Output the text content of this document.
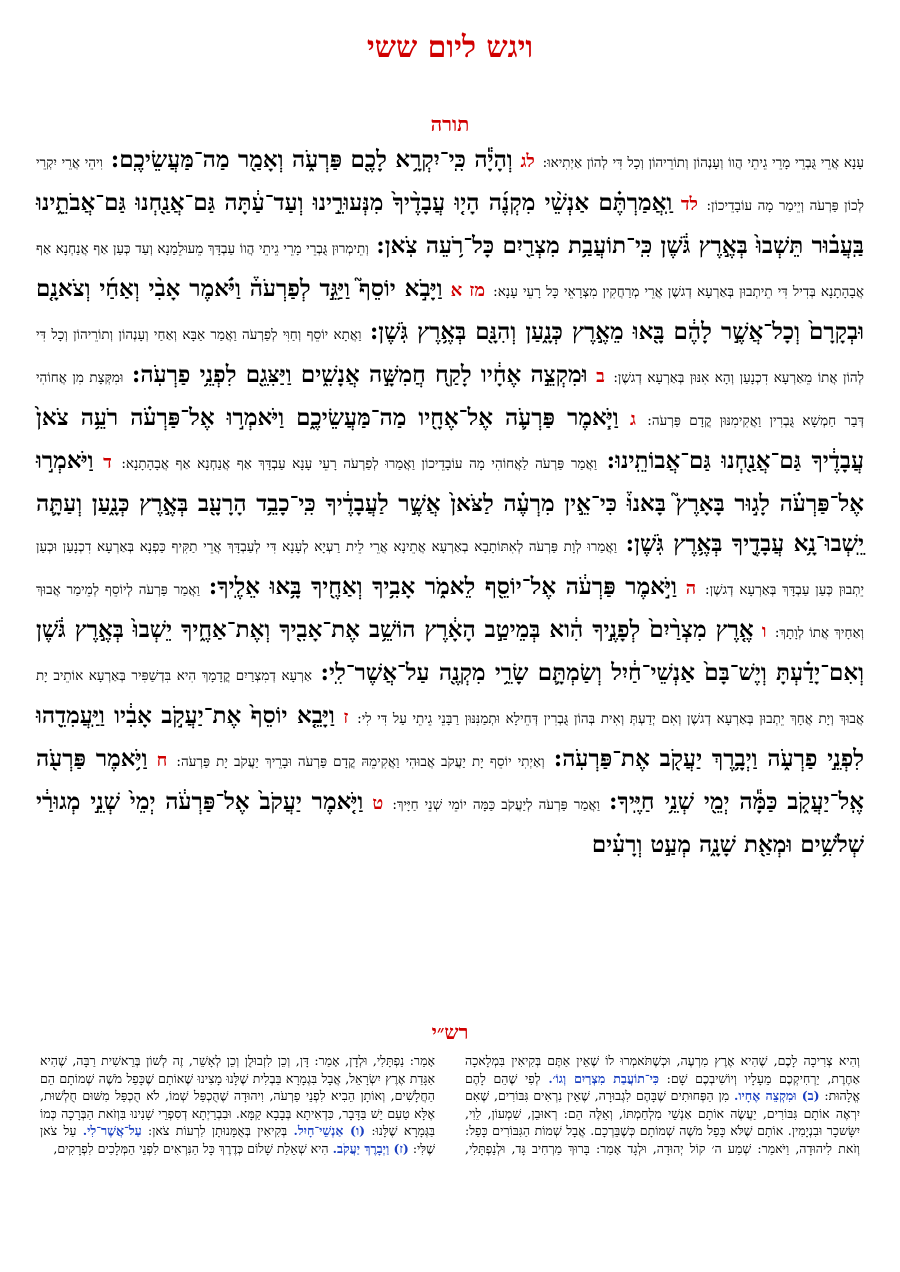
ויגש ליום ששי
תורה
עָנָא אֲרֵי גֻּבְרֵי מָרֵי גֵיתֵי הֲווֹ וְעָנְהוֹן וְתוֹרֵיהוֹן וְכָל דִּי לְהוֹן אַיְתִיאוּ: לג וְהָיָ֕ה כִּֽי־יִקְרָ֥א לָכֶ֖ם פַּרְעֹ֑ה וְאָמַ֖ר מַה־מַּעֲשֵׂיכֶֽם: וִיהֵי אֲרֵי יִקְרֵי לְכוֹן פַּרְעֹה וְיֵימַר מָה עוֹבָדֵיכוֹן: לד וַֽאֲמַרְתֶּ֗ם אַנְשֵׁ֨י מִקְנֶ֜ה הָי֤וּ עֲבָדֶ֨יךָ֙ מִנְּעוּרֵ֣ינוּ וְעַד־עַ֔תָּה גַּם־אֲנַ֖חְנוּ גַּם־אֲבֹתֵ֑ינוּ בַּֽעֲב֗וּר תֵּשְׁבוּ֙ בְּאֶ֣רֶץ גֹּ֔שֶׁן כִּֽי־תוֹעֲבַ֥ת מִצְרַ֖יִם כָּל־רֹ֥עֵה צֹֽאן: וְתֵימְרוּן גֻּבְרֵי מָרֵי גֵיתֵי הֲווֹ עַבְדָּךְ מֵעוּלֵמַנָא וְעַד כְּעַן אַף אֲנַחְנָא אַף אֲבָהָתָנָא בְּדִיל דִּי תֵיתְבוּן בְּאַרְעָא דְגשֶׁן אֲרֵי מְרַחֲקִין מִצְרָאֵי כָּל רָעֵי עָנָא: מז א וַיָּבֹ֣א יוֹסֵף֮ וַיַּגֵּ֣ד לְפַרְעֹה֒ וַיֹּ֗אמֶר אָבִ֨י וְאַחַ֜י וְצֹאנָ֤ם וּבְקָרָם֙ וְכָל־אֲשֶׁ֣ר לָהֶ֔ם בָּ֖אוּ מֵאֶ֣רֶץ כְּנָ֑עַן וְהִנָּ֖ם בְּאֶ֥רֶץ גֹּֽשֶׁן: וַאֲתָא יוֹסֵף וְחַוִּי לְפַרְעֹה וַאֲמַר אַבָּא וְאַחַי וְעָנְהוֹן וְתוֹרֵיהוֹן וְכָל דִּי לְהוֹן אֲתוֹ מֵאַרְעָא דִכְנָעַן וְהָא אִנּוּן בְּאַרְעָא דְגשֶׁן: ב וּמִקְצֵ֣ה אֶחָ֔יו לָקַ֖ח חֲמִשָּׁ֣ה אֲנָשִׁ֑ים וַיַּצִּגֵ֖ם לִפְנֵ֥י פַרְעֹֽה: וּמִקְּצָת מִן אֲחוֹהִי דְּבַר חַמְשָׁא גֻּבְרִין וַאֲקִימִנּוּן קֳדָם פַּרְעֹה: ג וַיֹּ֧אמֶר פַּרְעֹ֛ה אֶל־אֶחָ֖יו מַה־מַּעֲשֵׂיכֶ֑ם וַיֹּאמְר֣וּ אֶל־פַּרְעֹ֗ה רֹעֵ֥ה צֹאן֙ עֲבָדֶ֔יךָ גַּם־אֲנַ֖חְנוּ גַּם־אֲבוֹתֵֽינוּ: וַאֲמַר פַּרְעֹה לַאֲחוֹהִי מָה עוֹבָדֵיכוֹן וַאֲמַרוּ לְפַרְעֹה רָעֵי עָנָא עַבְדָּךְ אַף אֲנַחְנָא אַף אֲבָהָתָנָא: ד וַיֹּאמְר֣וּ אֶל־פַּרְעֹ֗ה לָג֣וּר בָּאָרֶץ֮ בָּאנוּ֒ כִּי־אֵ֣ין מִרְעֶ֗ה לַצֹּאן֙ אֲשֶׁ֣ר לַעֲבָדֶ֔יךָ כִּֽי־כָבֵ֥ד הָרָעָ֖ב בְּאֶ֣רֶץ כְּנָ֑עַן וְעַתָּ֛ה יֵֽשְׁבוּ־נָ֥א עֲבָדֶ֖יךָ בְּאֶ֥רֶץ גֹּֽשֶׁן: וַאֲמַרוּ לְוָת פַּרְעֹה לְאִתּוֹתָבָא בְאַרְעָא אֲתֵינָא אֲרֵי לֵית רַעְיָא לְעָנָא דִּי לְעַבְדָּךְ אֲרֵי תַקִּיף כַּפְנָא בְּאַרְעָא דִכְנָעַן וּכְעַן יֵתְבוּן כְּעַן עַבְדָּךְ בְּאַרְעָא דְגשֶׁן: ה וַיֹּ֣אמֶר פַּרְעֹ֔ה אֶל־יוֹסֵ֖ף לֵאמֹ֑ר אָבִ֥יךָ וְאַחֶ֖יךָ בָּ֥אוּ אֵלֶֽיךָ: וַאֲמַר פַּרְעֹה לְיוֹסֵף לְמֵימַר אֲבוּךְ וְאַחָיךְ אֲתוֹ לְוָתָךְ: ו אֶ֤רֶץ מִצְרַ֨יִם֙ לְפָנֶ֣יךָ הִ֔וא בְּמֵיטַ֣ב הָאָ֔רֶץ הוֹשֵׁ֥ב אֶת־אָבִ֖יךָ וְאֶת־אַחֶ֑יךָ יֵשְׁבוּ֙ בְּאֶ֣רֶץ גֹּ֔שֶׁן וְאִם־יָדַ֗עְתָּ וְיֶשׁ־בָּם֙ אַנְשֵׁי־חַ֔יִל וְשַׂמְתָּ֛ם שָׂרֵ֥י מִקְנֶ֖ה עַל־אֲשֶׁר־לִֽי: אַרְעָא דְמִצְרַיִם קֳדָמָךְ הִיא בִּדְשַׁפִּיר בְּאַרְעָא אוֹתֵיב יָת אֲבוּךְ וְיָת אֲחָךְ יֵתְבוּן בְּאַרְעָא דְגשֶׁן וְאִם יְדַעְתְּ וְאִית בְּהוֹן גֻּבְרִין דְּחֵילָא וּתְמַנִּנּוּן רַבָּנֵי גֵיתֵי עַל דִּי לִי: ז וַיָּבֵ֤א יוֹסֵף֙ אֶת־יַעֲקֹ֣ב אָבִ֔יו וַיַּֽעֲמִדֵ֖הוּ לִפְנֵ֣י פַרְעֹ֑ה וַיְבָ֥רֶךְ יַעֲקֹ֖ב אֶת־פַּרְעֹֽה: וְאַיְתִי יוֹסֵף יָת יַעֲקֹב אֲבוּהִי וַאֲקִימֵהּ קֳדָם פַּרְעֹה וּבָרֵיךְ יַעֲקֹב יָת פַּרְעֹה: ח וַיֹּ֥אמֶר פַּרְעֹ֖ה אֶֽל־יַעֲקֹ֑ב כַּמָּ֕ה יְמֵ֖י שְׁנֵ֥י חַיֶּֽיךָ: וַאֲמַר פַּרְעֹה לְיַעֲקֹב כַּמָּה יוֹמֵי שְׁנֵי חַיָּיךְ: ט וַיֹּ֤אמֶר יַעֲקֹב֙ אֶל־פַּרְעֹ֔ה יְמֵי֙ שְׁנֵ֣י מְגוּרַ֔י שְׁלֹשִׁ֥ים וּמְאַ֖ת שָׁנָ֑ה מְעַ֣ט וְרָעִ֗ים
רש״י
וְהִיא צְרִיכָה לָכֶם, שֶׁהִיא אֶרֶץ מִרְעֶה, וּכְשֶׁתֹּאמְרוּ לוֹ שֶׁאֵין אַתֶּם בְּקִיאִין בִּמְלָאכָה אַחֶרֶת, יַרְחִיקְכֶם מֵעָלָיו וְיוֹשִׁיבְכֶם שָׁם: כִּי־תוֹעֲבַת מִצְרַיִם וְגוֹ׳. לְפִי שֶׁהֵם לָהֶם אֱלָהוּת: (ב) וּמִקְצֵה אֶחָיו. מִן הַפְּחוּתִים שֶׁבָּהֶם לִגְבוּרָה, שֶׁאֵין נִרְאִים גִּבּוֹרִים, שֶׁאִם יִרְאֶה אוֹתָם גִּבּוֹרִים, יַעֲשֶׂה אוֹתָם אַנְשֵׁי מִלְחַמְתּוֹ, וְאֵלֶּה הֵם: רְאוּבֵן, שִׁמְעוֹן, לֵוִי, יִשָּׂשכָר וּבִנְיָמִין. אוֹתָם שֶׁלֹּא כָּפַל מֹשֶׁה שְׁמוֹתָם כְּשֶׁבֵּרְכָם. אֲבָל שְׁמוֹת הַגִּבּוֹרִים כָּפַל: וְזֹאת לִיהוּדָה, וַיֹּאמַר: שְׁמַע ה׳ קוֹל יְהוּדָה, וּלְגָד אָמַר: בָּרוּךְ מַרְחִיב גָּד, וּלְנַפְתָּלִי, אָמַר: נַפְתָּלִי, וּלְדָן, אָמַר: דָּן, וְכֵן לִזְבוּלֻן וְכֵן לְאָשֵׁר, זֶה לְשׁוֹן בְּרֵאשִׁית רַבָּה, שֶׁהִיא אַגָּדַת אֶרֶץ יִשְׂרָאֵל, אֲבָל בִּגְמָרָא בַּבְלִית שֶׁלָּנוּ מָצִינוּ שֶׁאוֹתָם שֶׁכָּפַל מֹשֶׁה שְׁמוֹתָם הֵם הַחֲלָשִׁים, וְאוֹתָן הֵבִיא לִפְנֵי פַרְעֹה, וִיהוּדָה שֶׁהֻכְפַּל שְׁמוֹ, לֹא הֻכְפַּל מִשּׁוּם חֻלְשׁוּת, אֶלָּא טַעַם יֵשׁ בַּדָּבָר, כִּדְאִיתָא בְּבָבָא קַמָּא. וּבִבְרַיְתָא דְסִפְרֵי שָׁנִינוּ בִּוְזֹאת הַבְּרָכָה כְּמוֹ בַּגְּמָרָא שֶׁלָּנוּ: (ו) אַנְשֵׁי־חָיִל. בְּקִיאִין בְּאֻמָּנוּתָן לִרְעוֹת צֹאן: עַל־אֲשֶׁר־לִי. עַל צֹאן שֶׁלִּי: (ז) וַיְבָרֶךְ יַעֲקֹב. הִיא שְׁאֵלַת שָׁלוֹם כְּדֶרֶךְ כָּל הַנִּרְאִים לִפְנֵי הַמְּלָכִים לִפְרָקִים,
